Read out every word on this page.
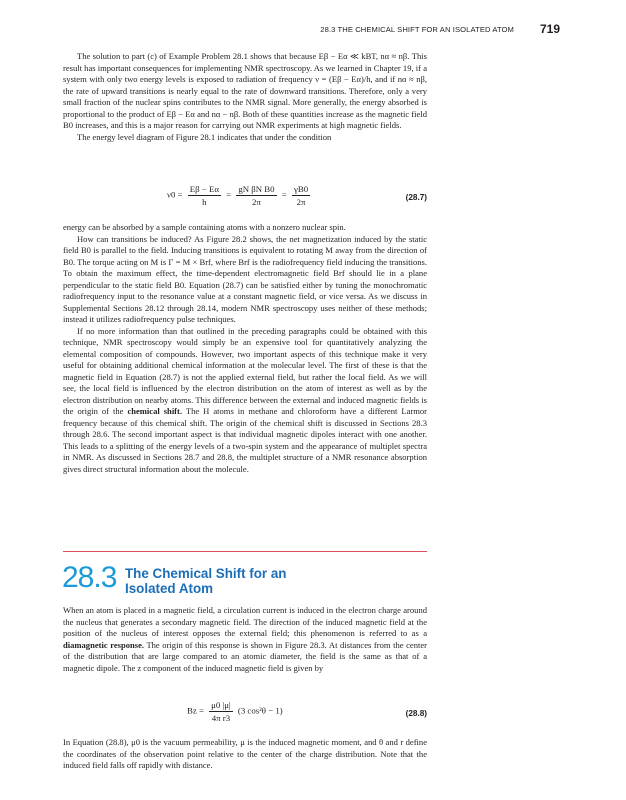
28.3 THE CHEMICAL SHIFT FOR AN ISOLATED ATOM 719

The solution to part (c) of Example Problem 28.1 shows that because Eβ − Eα ≪ kBT, nα ≈ nβ. This result has important consequences for implementing NMR spectroscopy. As we learned in Chapter 19, if a system with only two energy levels is exposed to radiation of frequency ν = (Eβ − Eα)/h, and if nα ≈ nβ, the rate of upward transitions is nearly equal to the rate of downward transitions. Therefore, only a very small fraction of the nuclear spins contributes to the NMR signal. More generally, the energy absorbed is proportional to the product of Eβ − Eα and nα − nβ. Both of these quantities increase as the magnetic field B0 increases, and this is a major reason for carrying out NMR experiments at high magnetic fields.

The energy level diagram of Figure 28.1 indicates that under the condition

$\nu 0 = \frac{E\beta - E\alpha}{h} = \frac{\text{gN βN B0}}{2\pi} = \frac{\gamma B0}{2\pi}$	(28.7)

energy can be absorbed by a sample containing atoms with a nonzero nuclear spin.

How can transitions be induced? As Figure 28.2 shows, the net magnetization induced by the static field B0 is parallel to the field. Inducing transitions is equivalent to rotating M away from the direction of B0. The torque acting on M is Γ = M × Brf, where Brf is the radiofrequency field inducing the transitions. To obtain the maximum effect, the time-dependent electromagnetic field Brf should lie in a plane perpendicular to the static field B0. Equation (28.7) can be satisfied either by tuning the monochromatic radiofrequency input to the resonance value at a constant magnetic field, or vice versa. As we discuss in Supplemental Sections 28.12 through 28.14, modern NMR spectroscopy uses neither of these methods; instead it utilizes radiofrequency pulse techniques.

If no more information than that outlined in the preceding paragraphs could be obtained with this technique, NMR spectroscopy would simply be an expensive tool for quantitatively analyzing the elemental composition of compounds. However, two important aspects of this technique make it very useful for obtaining additional chemical information at the molecular level. The first of these is that the magnetic field in Equation (28.7) is not the applied external field, but rather the local field. As we will see, the local field is influenced by the electron distribution on the atom of interest as well as by the electron distribution on nearby atoms. This difference between the external and induced magnetic fields is the origin of the chemical shift. The H atoms in methane and chloroform have a different Larmor frequency because of this chemical shift. The origin of the chemical shift is discussed in Sections 28.3 through 28.6. The second important aspect is that individual magnetic dipoles interact with one another. This leads to a splitting of the energy levels of a two-spin system and the appearance of multiplet spectra in NMR. As discussed in Sections 28.7 and 28.8, the multiplet structure of a NMR resonance absorption gives direct structural information about the molecule.

28.3 The Chemical Shift for an
Isolated Atom

When an atom is placed in a magnetic field, a circulation current is induced in the electron charge around the nucleus that generates a secondary magnetic field. The direction of the induced magnetic field at the position of the nucleus of interest opposes the external field; this phenomenon is referred to as a diamagnetic response. The origin of this response is shown in Figure 28.3. At distances from the center of the distribution that are large compared to an atomic diameter, the field is the same as that of a magnetic dipole. The z component of the induced magnetic field is given by

$Bz = \frac{\mu 0 |\mu|}{\text{4π r3}} (3$ cos²θ − 1)	(28.8)

In Equation (28.8), μ0 is the vacuum permeability, μ is the induced magnetic moment, and θ and r define the coordinates of the observation point relative to the center of the charge distribution. Note that the induced field falls off rapidly with distance.
